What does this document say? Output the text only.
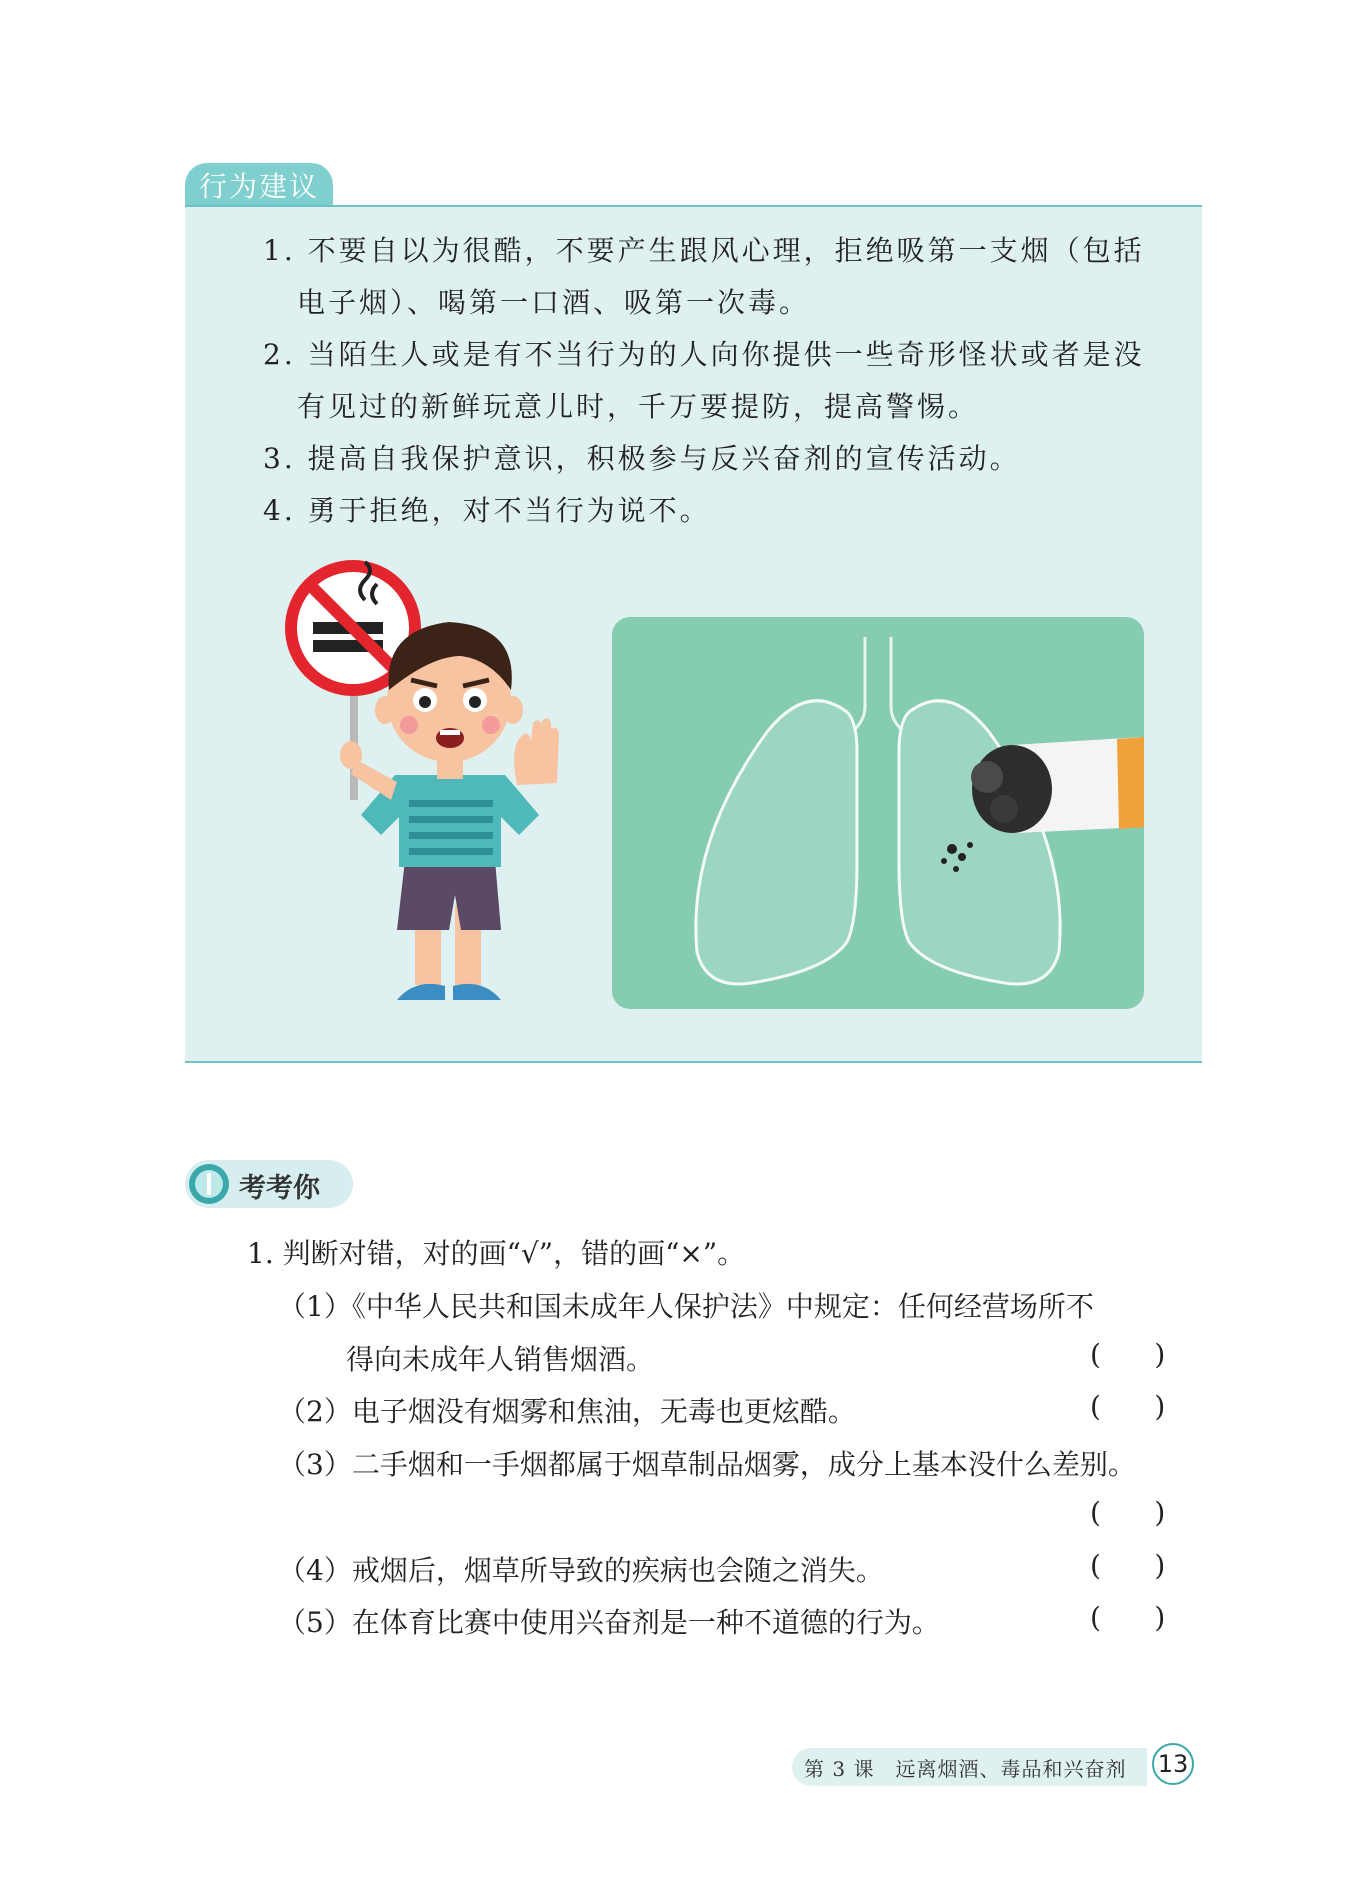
行为建议
1. 不要自以为很酷，不要产生跟风心理，拒绝吸第一支烟（包括电子烟）、喝第一口酒、吸第一次毒。
2. 当陌生人或是有不当行为的人向你提供一些奇形怪状或者是没有见过的新鲜玩意儿时，千万要提防，提高警惕。
3. 提高自我保护意识，积极参与反兴奋剂的宣传活动。
4. 勇于拒绝，对不当行为说不。
考考你
1. 判断对错，对的画“√”，错的画“×”。
（1）《中华人民共和国未成年人保护法》中规定：任何经营场所不
得向未成年人销售烟酒。	(      )
（2）电子烟没有烟雾和焦油，无毒也更炫酷。	(      )
（3）二手烟和一手烟都属于烟草制品烟雾，成分上基本没什么差别。
(      )
（4）戒烟后，烟草所导致的疾病也会随之消失。	(      )
（5）在体育比赛中使用兴奋剂是一种不道德的行为。	(      )
第 3 课　远离烟酒、毒品和兴奋剂	13
